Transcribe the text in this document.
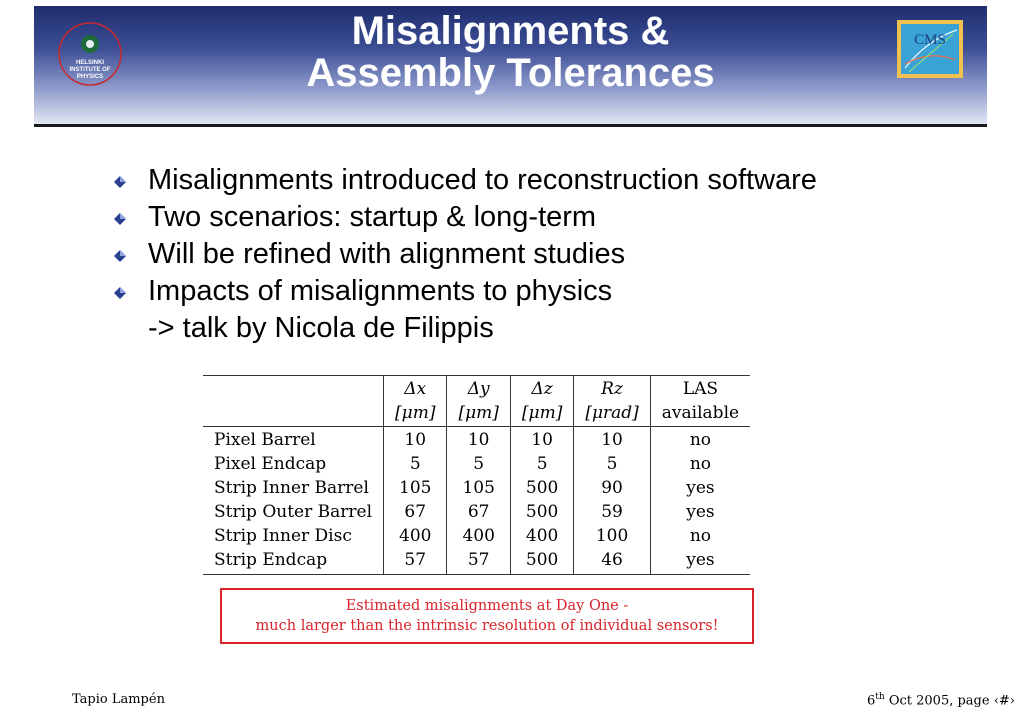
HELSINKI
INSTITUTE OF
PHYSICS
Misalignments &
Assembly Tolerances
CMS
Misalignments introduced to reconstruction software
Two scenarios: startup & long-term
Will be refined with alignment studies
Impacts of misalignments to physics
-> talk by Nicola de Filippis
	Δx	Δy	Δz	Rz	LAS
	[μm]	[μm]	[μm]	[μrad]	available
Pixel Barrel	10	10	10	10	no
Pixel Endcap	5	5	5	5	no
Strip Inner Barrel	105	105	500	90	yes
Strip Outer Barrel	67	67	500	59	yes
Strip Inner Disc	400	400	400	100	no
Strip Endcap	57	57	500	46	yes
Estimated misalignments at Day One -
much larger than the intrinsic resolution of individual sensors!
Tapio Lampén	6th Oct 2005, page ‹#›
